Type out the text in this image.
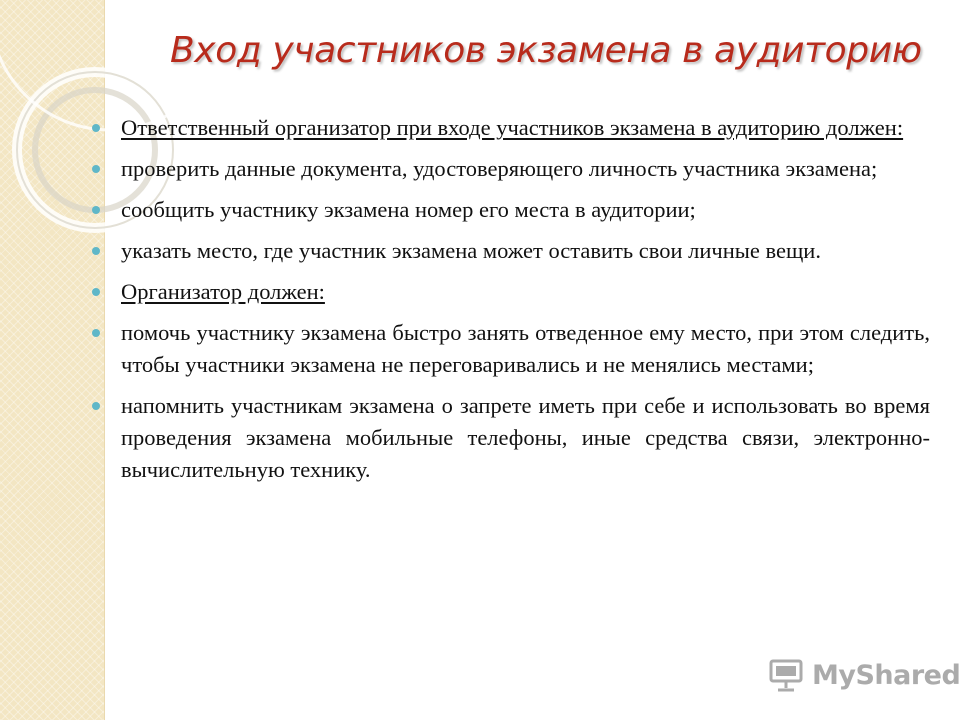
Вход участников экзамена в аудиторию
Ответственный организатор при входе участников экзамена в аудиторию должен:
проверить данные документа, удостоверяющего личность участника экзамена;
сообщить участнику экзамена номер его места в аудитории;
указать место, где участник экзамена может оставить свои личные вещи.
Организатор должен:
помочь участнику экзамена быстро занять отведенное ему место, при этом следить, чтобы участники экзамена не переговаривались и не менялись местами;
напомнить участникам экзамена о запрете иметь при себе и использовать во время проведения экзамена мобильные телефоны, иные средства связи, электронно-вычислительную технику.
MyShared
